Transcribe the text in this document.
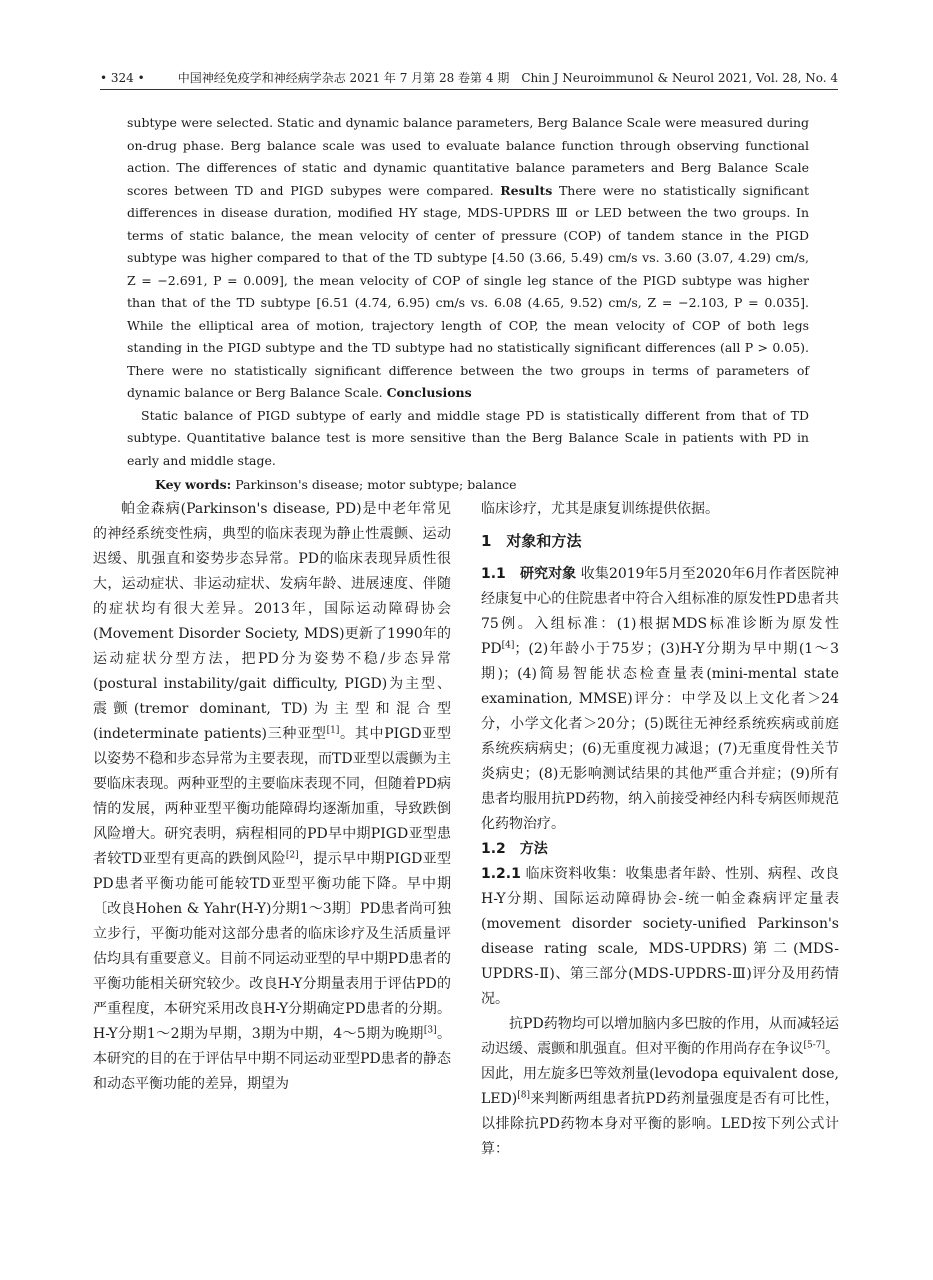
• 324 •	中国神经免疫学和神经病学杂志 2021 年 7 月第 28 卷第 4 期　Chin J Neuroimmunol & Neurol 2021, Vol. 28, No. 4

subtype were selected. Static and dynamic balance parameters, Berg Balance Scale were measured during on-drug phase. Berg balance scale was used to evaluate balance function through observing functional action. The differences of static and dynamic quantitative balance parameters and Berg Balance Scale scores between TD and PIGD subypes were compared. Results There were no statistically significant differences in disease duration, modified HY stage, MDS-UPDRS Ⅲ or LED between the two groups. In terms of static balance, the mean velocity of center of pressure (COP) of tandem stance in the PIGD subtype was higher compared to that of the TD subtype [4.50 (3.66, 5.49) cm/s vs. 3.60 (3.07, 4.29) cm/s, Z = −2.691, P = 0.009], the mean velocity of COP of single leg stance of the PIGD subtype was higher than that of the TD subtype [6.51 (4.74, 6.95) cm/s vs. 6.08 (4.65, 9.52) cm/s, Z = −2.103, P = 0.035]. While the elliptical area of motion, trajectory length of COP, the mean velocity of COP of both legs standing in the PIGD subtype and the TD subtype had no statistically significant differences (all P > 0.05). There were no statistically significant difference between the two groups in terms of parameters of dynamic balance or Berg Balance Scale. Conclusions

Static balance of PIGD subtype of early and middle stage PD is statistically different from that of TD subtype. Quantitative balance test is more sensitive than the Berg Balance Scale in patients with PD in early and middle stage.

Key words: Parkinson's disease; motor subtype; balance

帕金森病(Parkinson's disease, PD)是中老年常见的神经系统变性病，典型的临床表现为静止性震颤、运动迟缓、肌强直和姿势步态异常。PD的临床表现异质性很大，运动症状、非运动症状、发病年龄、进展速度、伴随的症状均有很大差异。2013年，国际运动障碍协会(Movement Disorder Society, MDS)更新了1990年的运动症状分型方法，把PD分为姿势不稳/步态异常(postural instability/gait difficulty, PIGD)为主型、震颤(tremor dominant, TD)为主型和混合型(indeterminate patients)三种亚型[1]。其中PIGD亚型以姿势不稳和步态异常为主要表现，而TD亚型以震颤为主要临床表现。两种亚型的主要临床表现不同，但随着PD病情的发展，两种亚型平衡功能障碍均逐渐加重，导致跌倒风险增大。研究表明，病程相同的PD早中期PIGD亚型患者较TD亚型有更高的跌倒风险[2]，提示早中期PIGD亚型PD患者平衡功能可能较TD亚型平衡功能下降。早中期〔改良Hohen & Yahr(H-Y)分期1～3期〕PD患者尚可独立步行，平衡功能对这部分患者的临床诊疗及生活质量评估均具有重要意义。目前不同运动亚型的早中期PD患者的平衡功能相关研究较少。改良H-Y分期量表用于评估PD的严重程度，本研究采用改良H-Y分期确定PD患者的分期。H-Y分期1～2期为早期，3期为中期，4～5期为晚期[3]。本研究的目的在于评估早中期不同运动亚型PD患者的静态和动态平衡功能的差异，期望为

临床诊疗，尤其是康复训练提供依据。

1　对象和方法

1.1　研究对象 收集2019年5月至2020年6月作者医院神经康复中心的住院患者中符合入组标准的原发性PD患者共75例。入组标准：(1)根据MDS标准诊断为原发性PD[4]；(2)年龄小于75岁；(3)H-Y分期为早中期(1～3期)；(4)简易智能状态检查量表(mini-mental state examination, MMSE)评分：中学及以上文化者＞24分，小学文化者＞20分；(5)既往无神经系统疾病或前庭系统疾病病史；(6)无重度视力减退；(7)无重度骨性关节炎病史；(8)无影响测试结果的其他严重合并症；(9)所有患者均服用抗PD药物，纳入前接受神经内科专病医师规范化药物治疗。

1.2　方法

1.2.1 临床资料收集：收集患者年龄、性别、病程、改良H-Y分期、国际运动障碍协会-统一帕金森病评定量表(movement disorder society-unified Parkinson's disease rating scale, MDS-UPDRS)第二(MDS-UPDRS-Ⅱ)、第三部分(MDS-UPDRS-Ⅲ)评分及用药情况。

抗PD药物均可以增加脑内多巴胺的作用，从而减轻运动迟缓、震颤和肌强直。但对平衡的作用尚存在争议[5-7]。因此，用左旋多巴等效剂量(levodopa equivalent dose, LED)[8]来判断两组患者抗PD药剂量强度是否有可比性，以排除抗PD药物本身对平衡的影响。LED按下列公式计算：
